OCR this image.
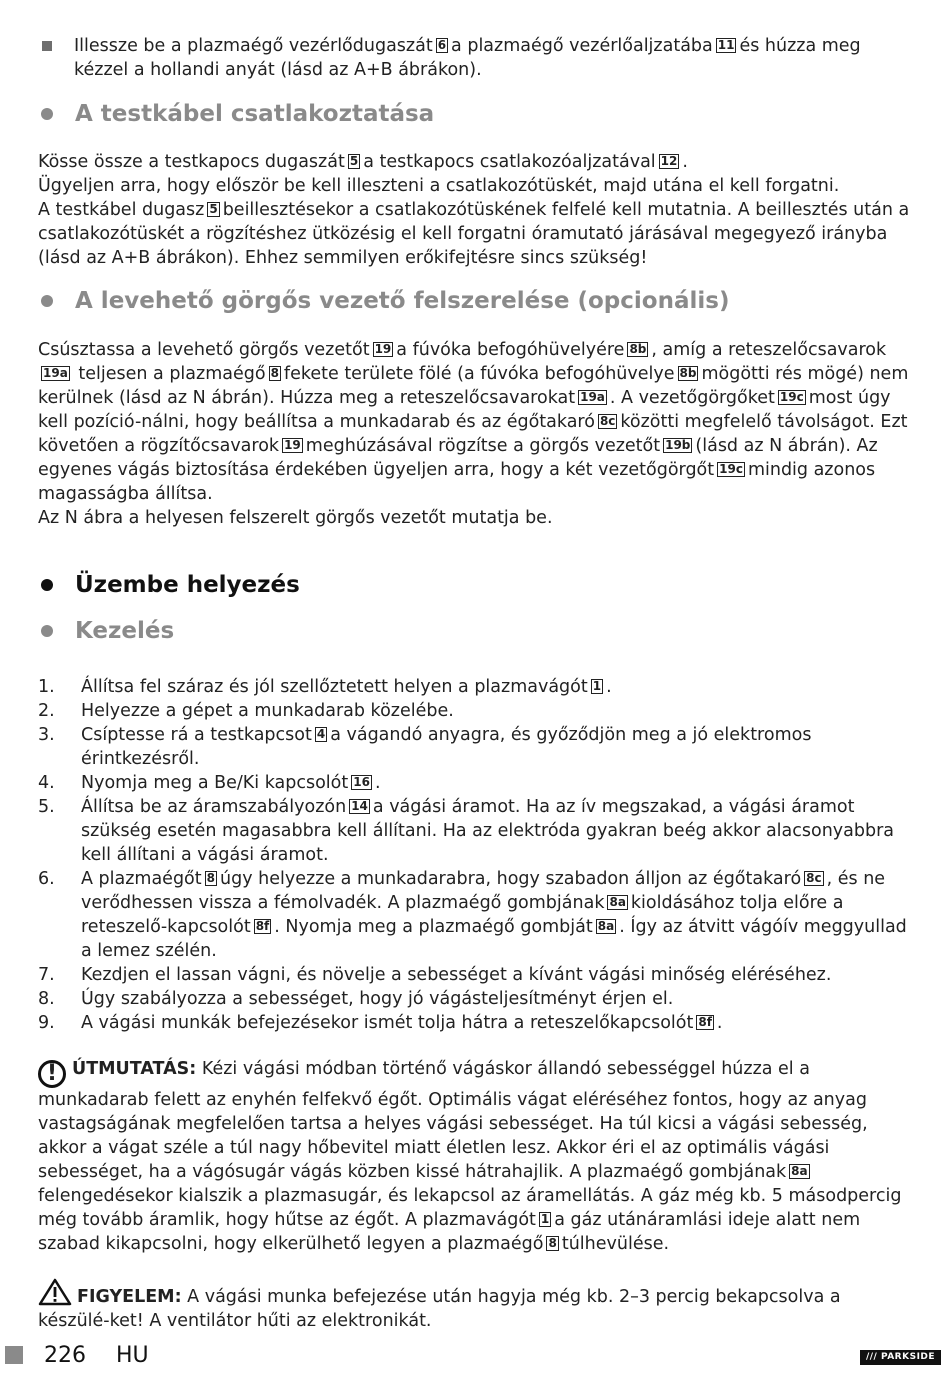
Illessze be a plazmaégő vezérlődugaszát 6 a plazmaégő vezérlőaljzatába 11 és húzza meg kézzel a hollandi anyát (lásd az A+B ábrákon).

A testkábel csatlakoztatása

Kösse össze a testkapocs dugaszát 5 a testkapocs csatlakozóaljzatával 12 .
Ügyeljen arra, hogy először be kell illeszteni a csatlakozótüskét, majd utána el kell forgatni.
A testkábel dugasz 5 beillesztésekor a csatlakozótüskének felfelé kell mutatnia. A beillesztés után a csatlakozótüskét a rögzítéshez ütközésig el kell forgatni óramutató járásával megegyező irányba (lásd az A+B ábrákon). Ehhez semmilyen erőkifejtésre sincs szükség!

A levehető görgős vezető felszerelése (opcionális)

Csúsztassa a levehető görgős vezetőt 19 a fúvóka befogóhüvelyére 8b , amíg a reteszelőcsavarok19a teljesen a plazmaégő 8 fekete területe fölé (a fúvóka befogóhüvelye 8b mögötti rés mögé) nem kerülnek (lásd az N ábrán). Húzza meg a reteszelőcsavarokat 19a . A vezetőgörgőket 19c most úgy kell pozíció-nálni, hogy beállítsa a munkadarab és az égőtakaró 8c közötti megfelelő távolságot. Ezt követően a rögzítőcsavarok 19 meghúzásával rögzítse a görgős vezetőt 19b (lásd az N ábrán). Az egyenes vágás biztosítása érdekében ügyeljen arra, hogy a két vezetőgörgőt 19c mindig azonos magasságba állítsa.
Az N ábra a helyesen felszerelt görgős vezetőt mutatja be.

Üzembe helyezés
Kezelés
1.	Állítsa fel száraz és jól szellőztetett helyen a plazmavágót 1 .
2.	Helyezze a gépet a munkadarab közelébe.
3.	Csíptesse rá a testkapcsot 4 a vágandó anyagra, és győződjön meg a jó elektromos érintkezésről.
4.	Nyomja meg a Be/Ki kapcsolót 16 .
5.	Állítsa be az áramszabályozón 14 a vágási áramot. Ha az ív megszakad, a vágási áramot szükség esetén magasabbra kell állítani. Ha az elektróda gyakran beég akkor alacsonyabbra kell állítani a vágási áramot.
6.	A plazmaégőt 8 úgy helyezze a munkadarabra, hogy szabadon álljon az égőtakaró 8c , és ne verődhessen vissza a fémolvadék. A plazmaégő gombjának 8a kioldásához tolja előre a reteszelő-kapcsolót 8f . Nyomja meg a plazmaégő gombját 8a . Így az átvitt vágóív meggyullad a lemez szélén.
7.	Kezdjen el lassan vágni, és növelje a sebességet a kívánt vágási minőség eléréséhez.
8.	Úgy szabályozza a sebességet, hogy jó vágásteljesítményt érjen el.
9.	A vágási munkák befejezésekor ismét tolja hátra a reteszelőkapcsolót 8f .

! ÚTMUTATÁS: Kézi vágási módban történő vágáskor állandó sebességgel húzza el a munkadarab felett az enyhén felfekvő égőt. Optimális vágat eléréséhez fontos, hogy az anyag vastagságának megfelelően tartsa a helyes vágási sebességet. Ha túl kicsi a vágási sebesség, akkor a vágat széle a túl nagy hőbevitel miatt életlen lesz. Akkor éri el az optimális vágási sebességet, ha a vágósugár vágás közben kissé hátrahajlik. A plazmaégő gombjának 8afelengedésekor kialszik a plazmasugár, és lekapcsol az áramellátás. A gáz még kb. 5 másodpercig még tovább áramlik, hogy hűtse az égőt. A plazmavágót 1 a gáz utánáramlási ideje alatt nem szabad kikapcsolni, hogy elkerülhető legyen a plazmaégő 8 túlhevülése.

FIGYELEM: A vágási munka befejezése után hagyja még kb. 2–3 percig bekapcsolva a készülé-ket! A ventilátor hűti az elektronikát.

226 HU	/// PARKSIDE
